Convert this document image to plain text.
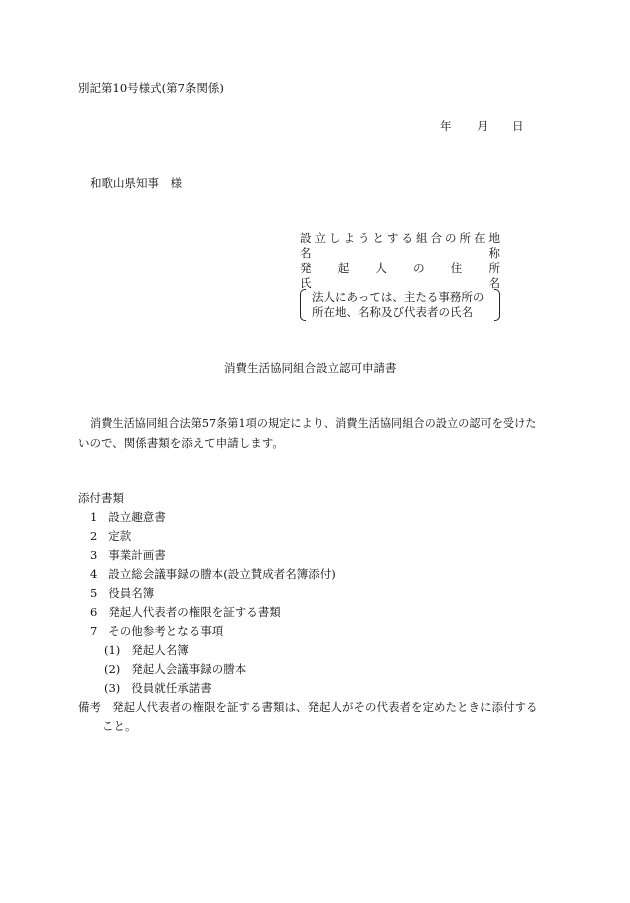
別記第10号様式(第7条関係)
年 月 日
和歌山県知事　様
設 立 し よ う と す る 組 合 の 所 在 地
名	称
発 起 人 の 住 所
氏	名
法人にあっては、主たる事務所の
所在地、名称及び代表者の氏名
消費生活協同組合設立認可申請書
消費生活協同組合法第57条第1項の規定により、消費生活協同組合の設立の認可を受けた
いので、関係書類を添えて申請します。
添付書類
1 設立趣意書
2 定款
3 事業計画書
4 設立総会議事録の謄本(設立賛成者名簿添付)
5 役員名簿
6 発起人代表者の権限を証する書類
7 その他参考となる事項
(1) 発起人名簿
(2) 発起人会議事録の謄本
(3) 役員就任承諾書
備考 発起人代表者の権限を証する書類は、発起人がその代表者を定めたときに添付する
こと。
